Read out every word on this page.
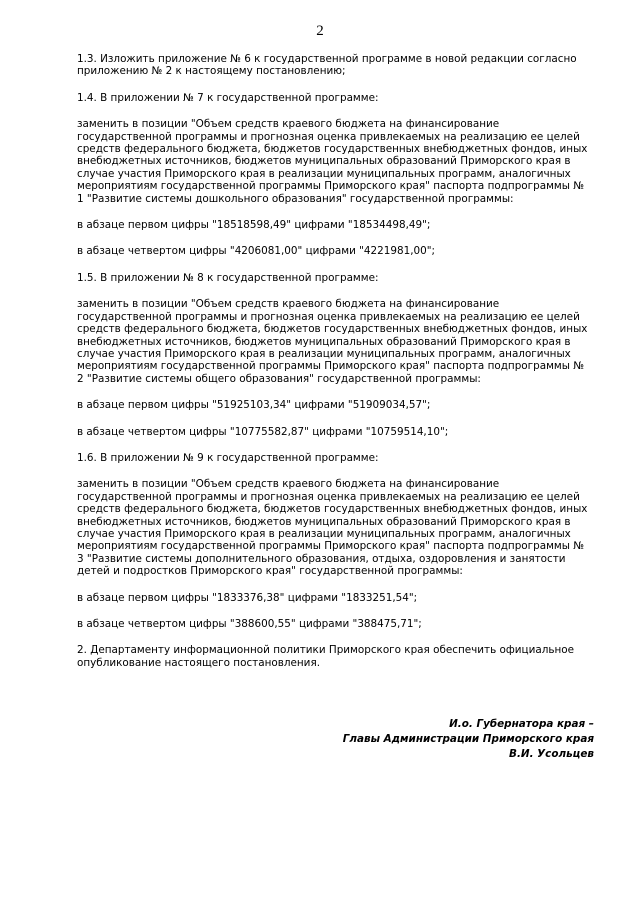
2

1.3. Изложить приложение № 6 к государственной программе в новой редакции согласно
приложению № 2 к настоящему постановлению;

1.4. В приложении № 7 к государственной программе:

заменить в позиции "Объем средств краевого бюджета на финансирование
государственной программы и прогнозная оценка привлекаемых на реализацию ее целей
средств федерального бюджета, бюджетов государственных внебюджетных фондов, иных
внебюджетных источников, бюджетов муниципальных образований Приморского края в
случае участия Приморского края в реализации муниципальных программ, аналогичных
мероприятиям государственной программы Приморского края" паспорта подпрограммы №
1 "Развитие системы дошкольного образования" государственной программы:

в абзаце первом цифры "18518598,49" цифрами "18534498,49";

в абзаце четвертом цифры "4206081,00" цифрами "4221981,00";

1.5. В приложении № 8 к государственной программе:

заменить в позиции "Объем средств краевого бюджета на финансирование
государственной программы и прогнозная оценка привлекаемых на реализацию ее целей
средств федерального бюджета, бюджетов государственных внебюджетных фондов, иных
внебюджетных источников, бюджетов муниципальных образований Приморского края в
случае участия Приморского края в реализации муниципальных программ, аналогичных
мероприятиям государственной программы Приморского края" паспорта подпрограммы №
2 "Развитие системы общего образования" государственной программы:

в абзаце первом цифры "51925103,34" цифрами "51909034,57";

в абзаце четвертом цифры "10775582,87" цифрами "10759514,10";

1.6. В приложении № 9 к государственной программе:

заменить в позиции "Объем средств краевого бюджета на финансирование
государственной программы и прогнозная оценка привлекаемых на реализацию ее целей
средств федерального бюджета, бюджетов государственных внебюджетных фондов, иных
внебюджетных источников, бюджетов муниципальных образований Приморского края в
случае участия Приморского края в реализации муниципальных программ, аналогичных
мероприятиям государственной программы Приморского края" паспорта подпрограммы №
3 "Развитие системы дополнительного образования, отдыха, оздоровления и занятости
детей и подростков Приморского края" государственной программы:

в абзаце первом цифры "1833376,38" цифрами "1833251,54";

в абзаце четвертом цифры "388600,55" цифрами "388475,71";

2. Департаменту информационной политики Приморского края обеспечить официальное
опубликование настоящего постановления.

И.о. Губернатора края –
Главы Администрации Приморского края
В.И. Усольцев
